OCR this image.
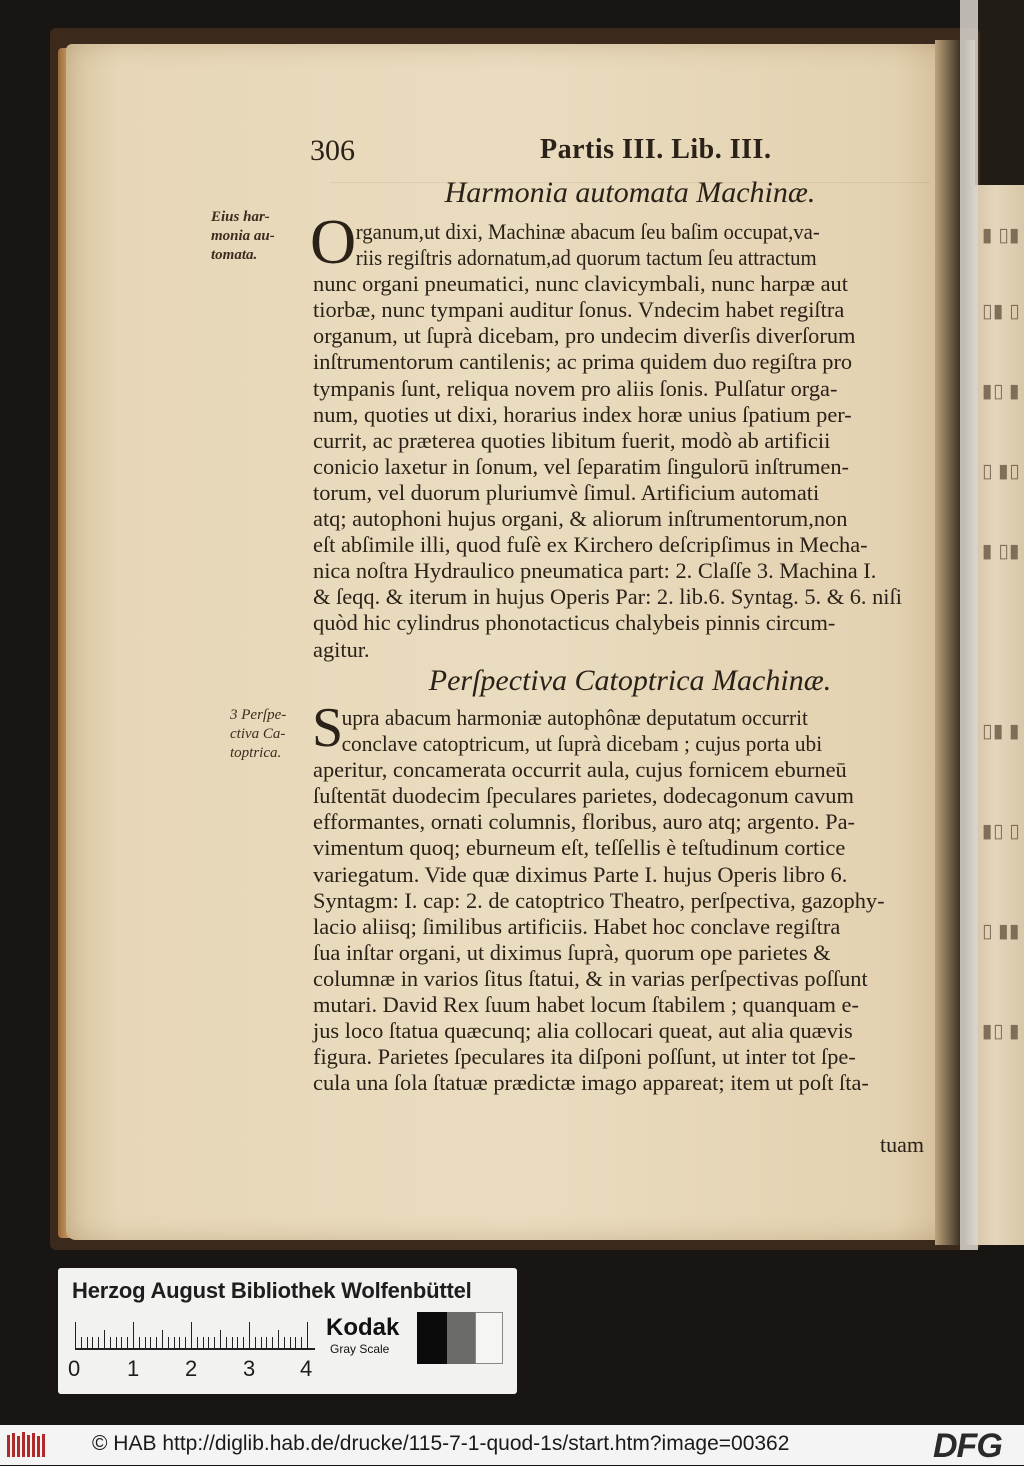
▮ ▯▮
▯▮ ▯
▮▯ ▮
▯ ▮▯
▮ ▯▮
▯▮ ▮
▮▯ ▯
▯ ▮▮
▮▯ ▮
306	Partis III. Lib. III.
Harmonia automata Machinæ.
Eius har-
monia au-
tomata. O rganum,ut dixi, Machinæ abacum ſeu baſim occupat,va-
riis regiſtris adornatum,ad quorum tactum ſeu attractum
nunc organi pneumatici, nunc clavicymbali, nunc harpæ aut
tiorbæ, nunc tympani auditur ſonus. Vndecim habet regiſtra
organum, ut ſuprà dicebam, pro undecim diverſis diverſorum
inſtrumentorum cantilenis; ac prima quidem duo regiſtra pro
tympanis ſunt, reliqua novem pro aliis ſonis. Pulſatur orga-
num, quoties ut dixi, horarius index horæ unius ſpatium per-
currit, ac præterea quoties libitum fuerit, modò ab artificii
conicio laxetur in ſonum, vel ſeparatim ſingulorū inſtrumen-
torum, vel duorum pluriumvè ſimul. Artificium automati
atq; autophoni hujus organi, & aliorum inſtrumentorum,non
eſt abſimile illi, quod fuſè ex Kirchero deſcripſimus in Mecha-
nica noſtra Hydraulico pneumatica part: 2. Claſſe 3. Machina I.
& ſeqq. & iterum in hujus Operis Par: 2. lib.6. Syntag. 5. & 6. niſi
quòd hic cylindrus phonotacticus chalybeis pinnis circum-
agitur.
Perſpectiva Catoptrica Machinæ.
3 Perſpe-
ctiva Ca-
toptrica. S
upra abacum harmoniæ autophônæ deputatum occurrit
conclave catoptricum, ut ſuprà dicebam ; cujus porta ubi
aperitur, concamerata occurrit aula, cujus fornicem eburneū
ſuſtentāt duodecim ſpeculares parietes, dodecagonum cavum
efformantes, ornati columnis, floribus, auro atq; argento. Pa-
vimentum quoq; eburneum eſt, teſſellis è teſtudinum cortice
variegatum. Vide quæ diximus Parte I. hujus Operis libro 6.
Syntagm: I. cap: 2. de catoptrico Theatro, perſpectiva, gazophy-
lacio aliisq; ſimilibus artificiis. Habet hoc conclave regiſtra
ſua inſtar organi, ut diximus ſuprà, quorum ope parietes &
columnæ in varios ſitus ſtatui, & in varias perſpectivas poſſunt
mutari. David Rex ſuum habet locum ſtabilem ; quanquam e-
jus loco ſtatua quæcunq; alia collocari queat, aut alia quævis
figura. Parietes ſpeculares ita diſponi poſſunt, ut inter tot ſpe-
cula una ſola ſtatuæ prædictæ imago appareat; item ut poſt ſta-
tuam
Herzog August Bibliothek Wolfenbüttel
0 1 2 3 4
Kodak
Gray Scale
© HAB http://diglib.hab.de/drucke/115-7-1-quod-1s/start.htm?image=00362	DFG
